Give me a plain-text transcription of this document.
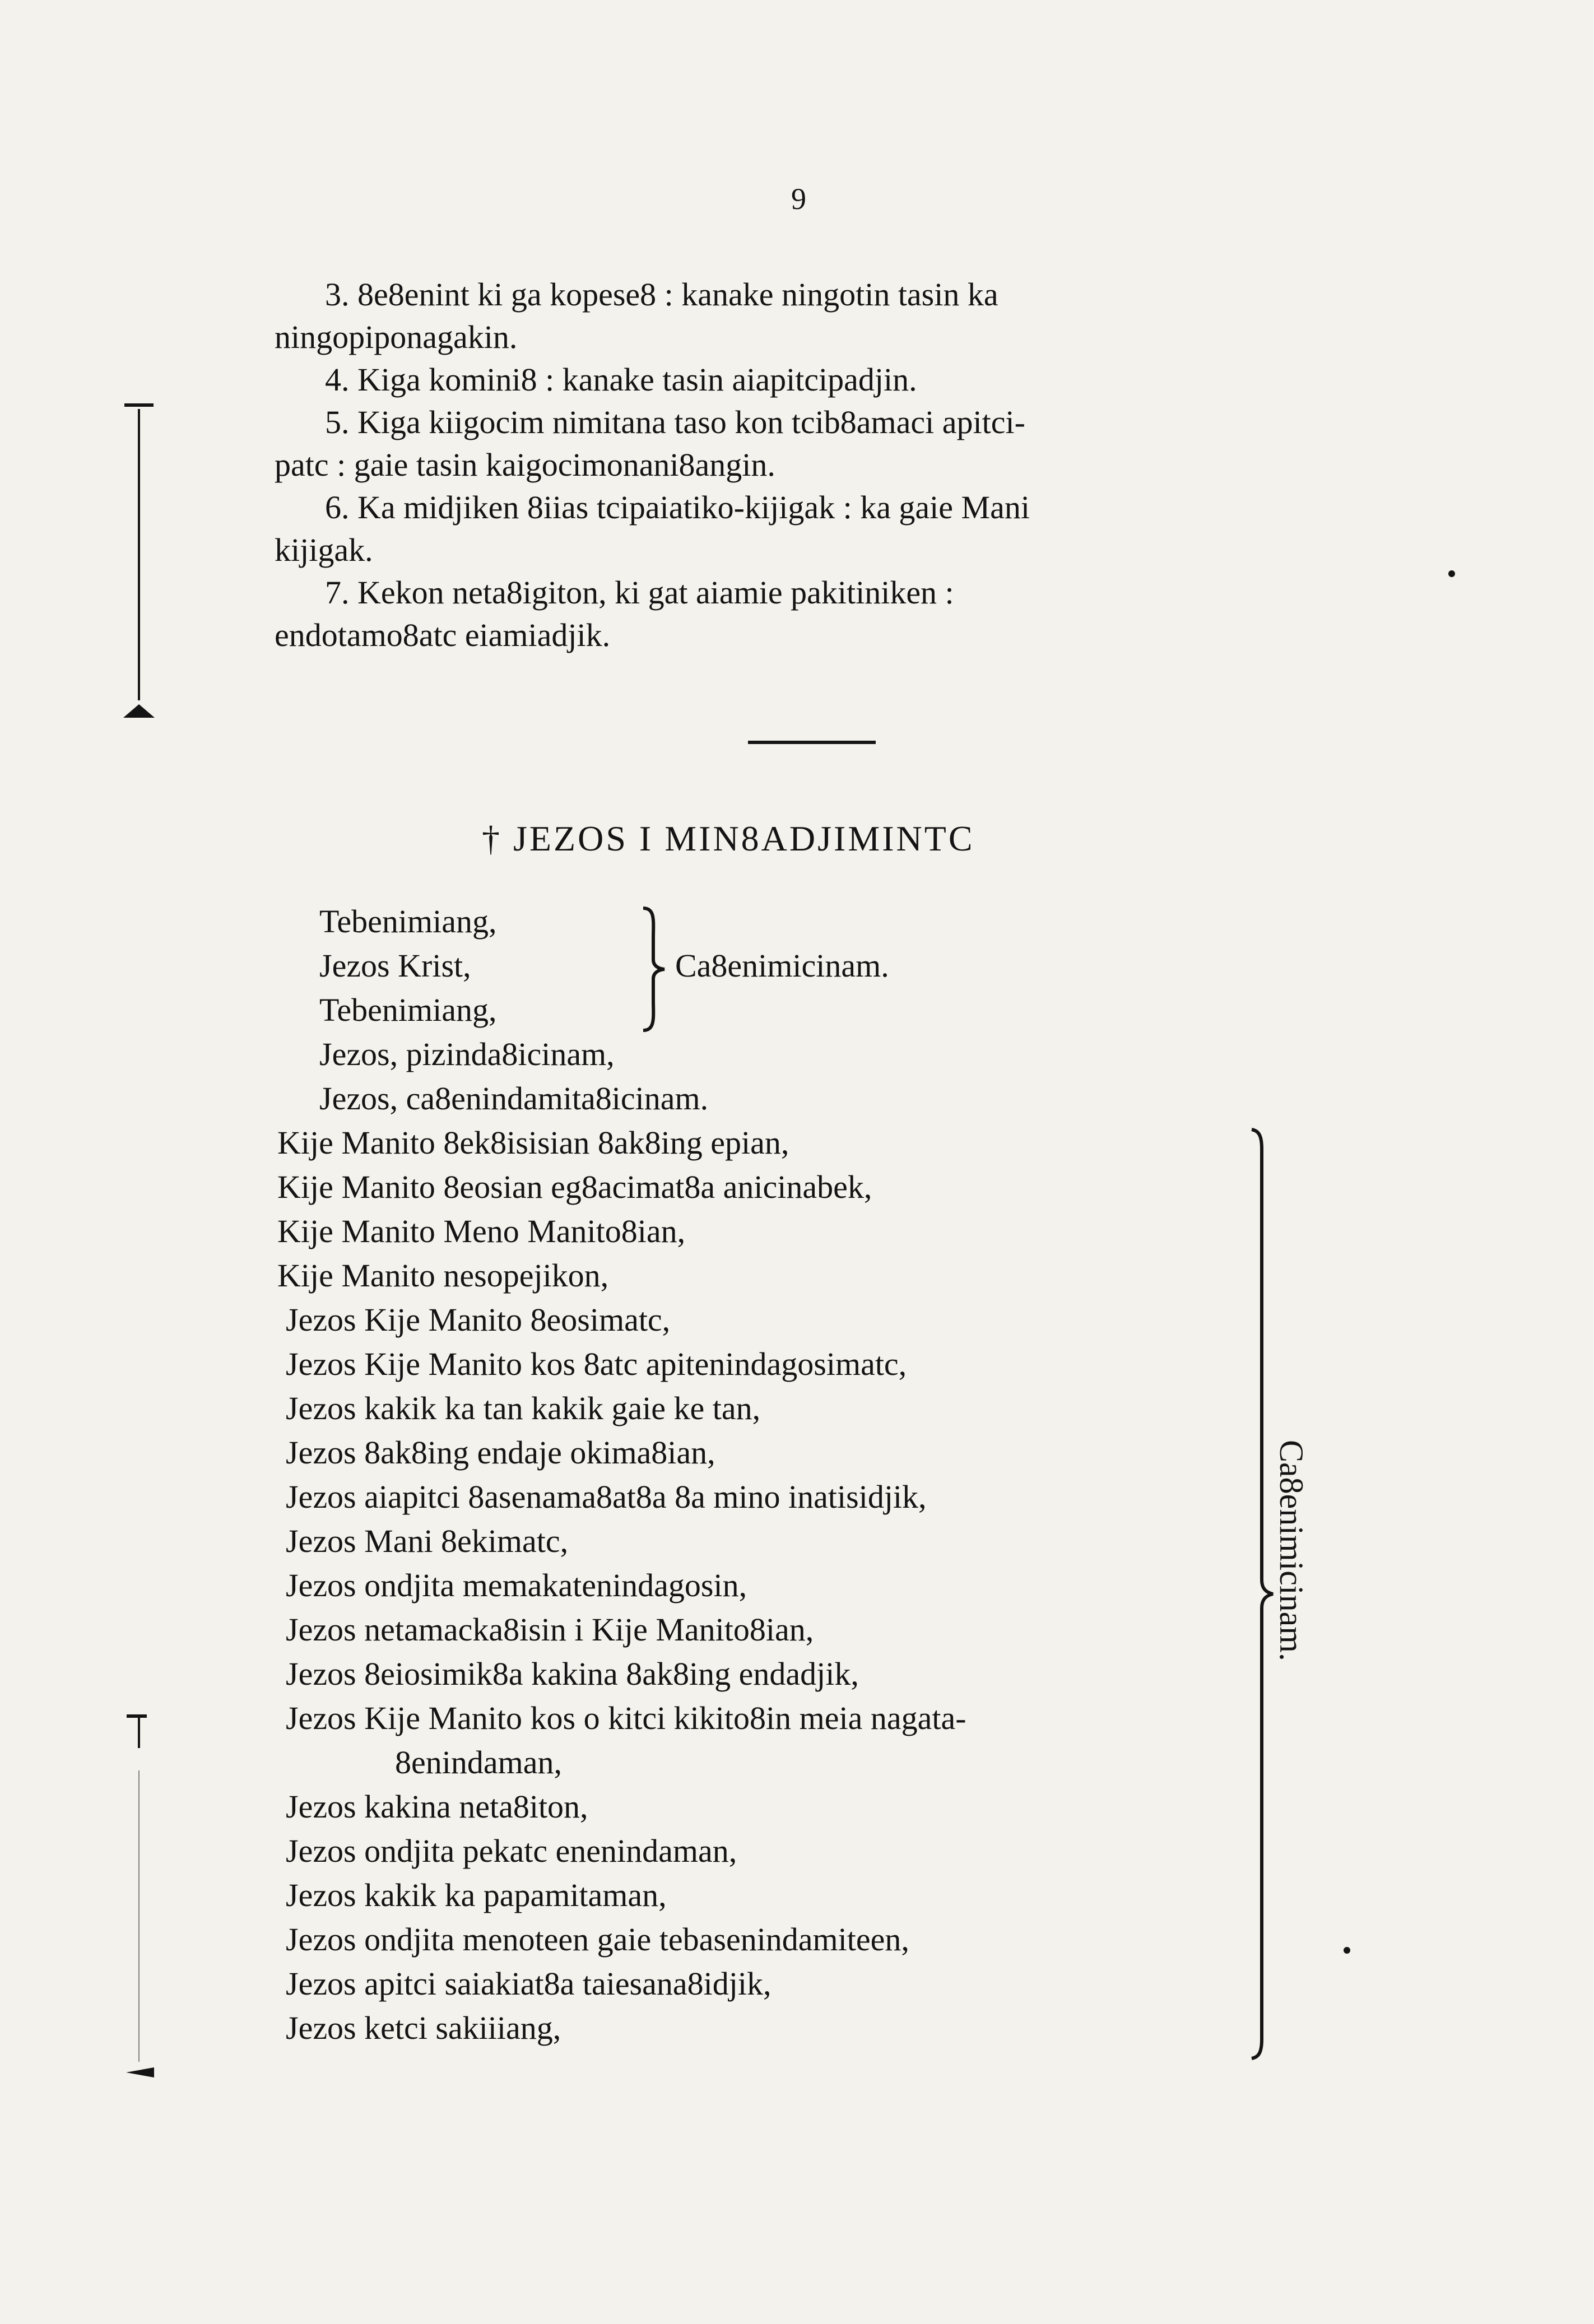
9
3. 8e8enint ki ga kopese8 : kanake ningotin tasin ka
ningopiponagakin.
4. Kiga komini8 : kanake tasin aiapitcipadjin.
5. Kiga kiigocim nimitana taso kon tcib8amaci apitci-
patc : gaie tasin kaigocimonani8angin.
6. Ka midjiken 8iias tcipaiatiko-kijigak : ka gaie Mani
kijigak.
7. Kekon neta8igiton, ki gat aiamie pakitiniken :
endotamo8atc eiamiadjik.
† JEZOS I MIN8ADJIMINTC
Tebenimiang,
Jezos Krist,
Tebenimiang,
Ca8enimicinam.
Jezos, pizinda8icinam,
Jezos, ca8enindamita8icinam.
Kije Manito 8ek8isisian 8ak8ing epian,
Kije Manito 8eosian eg8acimat8a anicinabek,
Kije Manito Meno Manito8ian,
Kije Manito nesopejikon,
Jezos Kije Manito 8eosimatc,
Jezos Kije Manito kos 8atc apitenindagosimatc,
Jezos kakik ka tan kakik gaie ke tan,
Jezos 8ak8ing endaje okima8ian,
Jezos aiapitci 8asenama8at8a 8a mino inatisidjik,
Jezos Mani 8ekimatc,
Jezos ondjita memakatenindagosin,
Jezos netamacka8isin i Kije Manito8ian,
Jezos 8eiosimik8a kakina 8ak8ing endadjik,
Jezos Kije Manito kos o kitci kikito8in meia nagata-
8enindaman,
Jezos kakina neta8iton,
Jezos ondjita pekatc enenindaman,
Jezos kakik ka papamitaman,
Jezos ondjita menoteen gaie tebasenindamiteen,
Jezos apitci saiakiat8a taiesana8idjik,
Jezos ketci sakiiiang,
Ca8enimicinam.
